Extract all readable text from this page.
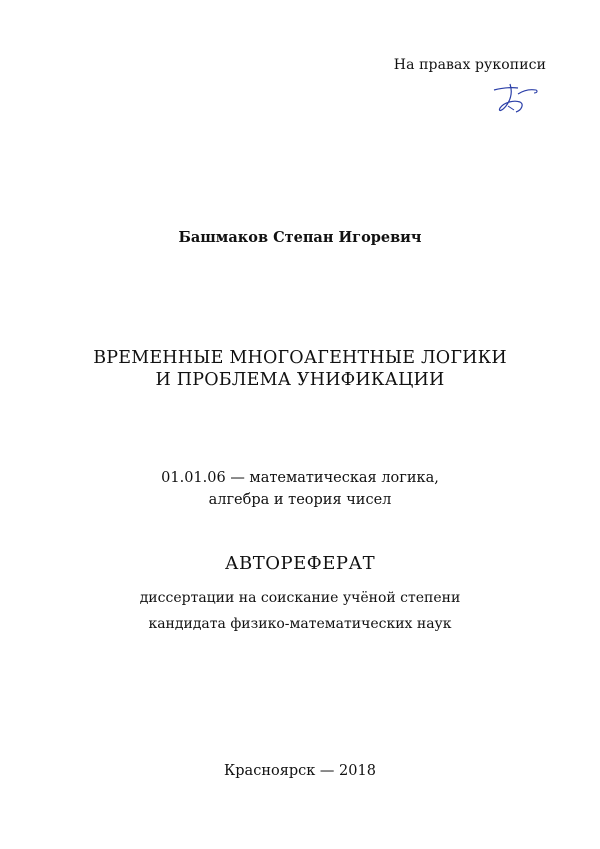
На правах рукописи
Башмаков Степан Игоревич
ВРЕМЕННЫЕ МНОГОАГЕНТНЫЕ ЛОГИКИ
И ПРОБЛЕМА УНИФИКАЦИИ
01.01.06 — математическая логика,
алгебра и теория чисел
АВТОРЕФЕРАТ
диссертации на соискание учёной степени
кандидата физико-математических наук
Красноярск — 2018
